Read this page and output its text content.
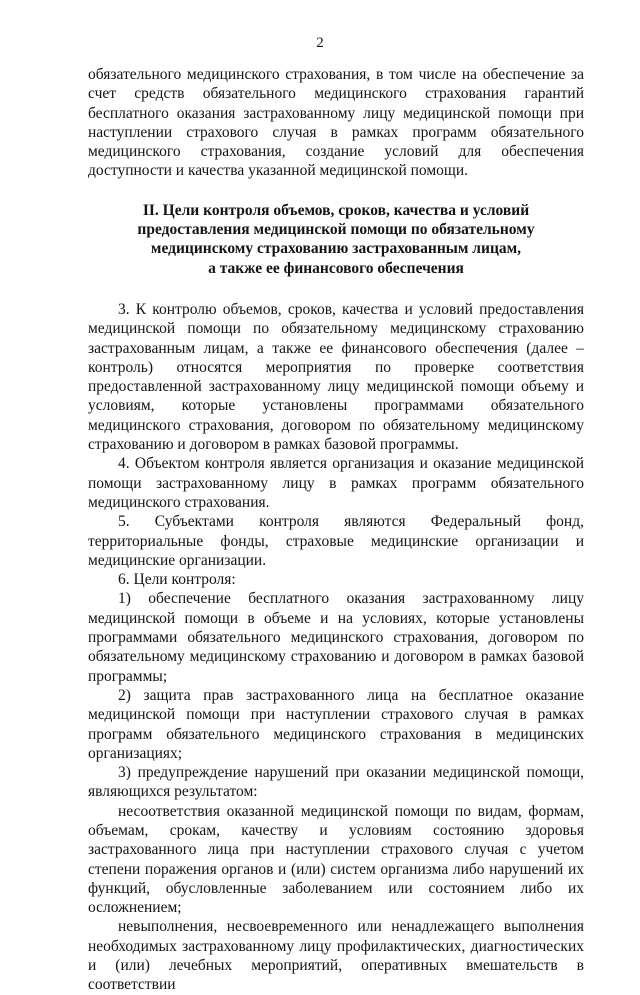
2

обязательного медицинского страхования, в том числе на обеспечение за счет средств обязательного медицинского страхования гарантий бесплатного оказания застрахованному лицу медицинской помощи при наступлении страхового случая в рамках программ обязательного медицинского страхования, создание условий для обеспечения доступности и качества указанной медицинской помощи.

II. Цели контроля объемов, сроков, качества и условий
предоставления медицинской помощи по обязательному
медицинскому страхованию застрахованным лицам,
а также ее финансового обеспечения

3. К контролю объемов, сроков, качества и условий предоставления медицинской помощи по обязательному медицинскому страхованию застрахованным лицам, а также ее финансового обеспечения (далее – контроль) относятся мероприятия по проверке соответствия предоставленной застрахованному лицу медицинской помощи объему и условиям, которые установлены программами обязательного медицинского страхования, договором по обязательному медицинскому страхованию и договором в рамках базовой программы.

4. Объектом контроля является организация и оказание медицинской помощи застрахованному лицу в рамках программ обязательного медицинского страхования.

5. Субъектами контроля являются Федеральный фонд, территориальные фонды, страховые медицинские организации и медицинские организации.

6. Цели контроля:

1) обеспечение бесплатного оказания застрахованному лицу медицинской помощи в объеме и на условиях, которые установлены программами обязательного медицинского страхования, договором по обязательному медицинскому страхованию и договором в рамках базовой программы;

2) защита прав застрахованного лица на бесплатное оказание медицинской помощи при наступлении страхового случая в рамках программ обязательного медицинского страхования в медицинских организациях;

3) предупреждение нарушений при оказании медицинской помощи, являющихся результатом:

несоответствия оказанной медицинской помощи по видам, формам, объемам, срокам, качеству и условиям состоянию здоровья застрахованного лица при наступлении страхового случая с учетом степени поражения органов и (или) систем организма либо нарушений их функций, обусловленные заболеванием или состоянием либо их осложнением;

невыполнения, несвоевременного или ненадлежащего выполнения необходимых застрахованному лицу профилактических, диагностических и (или) лечебных мероприятий, оперативных вмешательств в соответствии
